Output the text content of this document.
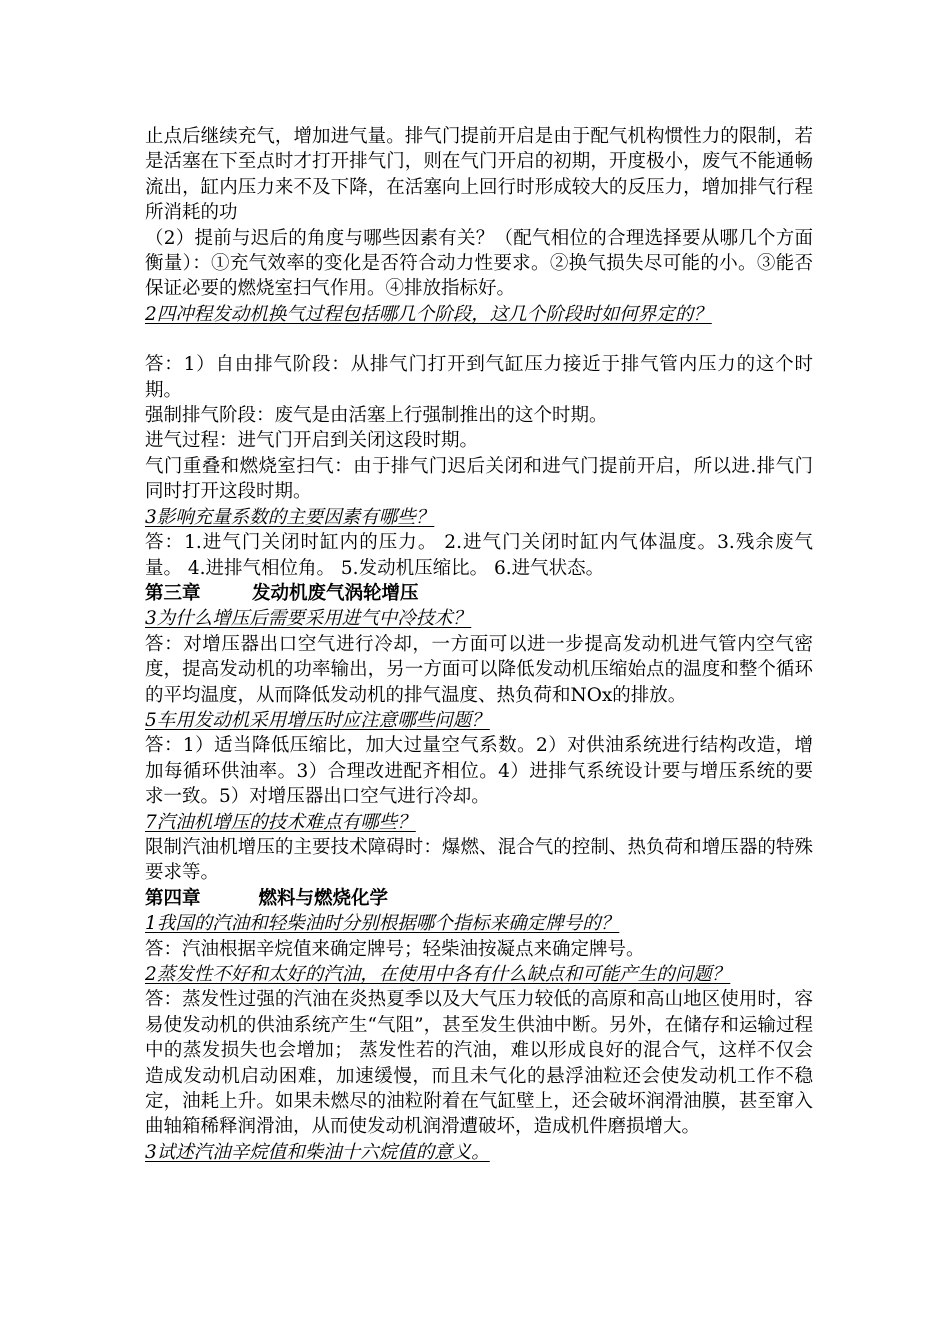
止点后继续充气，增加进气量。排气门提前开启是由于配气机构惯性力的限制，若是活塞在下至点时才打开排气门，则在气门开启的初期，开度极小，废气不能通畅流出，缸内压力来不及下降，在活塞向上回行时形成较大的反压力，增加排气行程所消耗的功

（2）提前与迟后的角度与哪些因素有关？（配气相位的合理选择要从哪几个方面衡量）：①充气效率的变化是否符合动力性要求。②换气损失尽可能的小。③能否保证必要的燃烧室扫气作用。④排放指标好。

2四冲程发动机换气过程包括哪几个阶段，这几个阶段时如何界定的？

答：1）自由排气阶段：从排气门打开到气缸压力接近于排气管内压力的这个时期。

强制排气阶段：废气是由活塞上行强制推出的这个时期。

进气过程：进气门开启到关闭这段时期。

气门重叠和燃烧室扫气：由于排气门迟后关闭和进气门提前开启，所以进.排气门同时打开这段时期。

3影响充量系数的主要因素有哪些？

答：1.进气门关闭时缸内的压力。 2.进气门关闭时缸内气体温度。3.残余废气量。 4.进排气相位角。 5.发动机压缩比。 6.进气状态。

第三章        发动机废气涡轮增压

3为什么增压后需要采用进气中冷技术？

答：对增压器出口空气进行冷却，一方面可以进一步提高发动机进气管内空气密度，提高发动机的功率输出，另一方面可以降低发动机压缩始点的温度和整个循环的平均温度，从而降低发动机的排气温度、热负荷和NOx的排放。

5车用发动机采用增压时应注意哪些问题？

答：1）适当降低压缩比，加大过量空气系数。2）对供油系统进行结构改造，增加每循环供油率。3）合理改进配齐相位。4）进排气系统设计要与增压系统的要求一致。5）对增压器出口空气进行冷却。

7汽油机增压的技术难点有哪些？

限制汽油机增压的主要技术障碍时：爆燃、混合气的控制、热负荷和增压器的特殊要求等。

第四章         燃料与燃烧化学

1我国的汽油和轻柴油时分别根据哪个指标来确定牌号的？

答：汽油根据辛烷值来确定牌号；轻柴油按凝点来确定牌号。

2蒸发性不好和太好的汽油，在使用中各有什么缺点和可能产生的问题？

答：蒸发性过强的汽油在炎热夏季以及大气压力较低的高原和高山地区使用时，容易使发动机的供油系统产生“气阻”，甚至发生供油中断。另外，在储存和运输过程中的蒸发损失也会增加； 蒸发性若的汽油，难以形成良好的混合气，这样不仅会造成发动机启动困难，加速缓慢，而且未气化的悬浮油粒还会使发动机工作不稳定，油耗上升。如果未燃尽的油粒附着在气缸壁上，还会破坏润滑油膜，甚至窜入曲轴箱稀释润滑油，从而使发动机润滑遭破坏，造成机件磨损增大。

3试述汽油辛烷值和柴油十六烷值的意义。
